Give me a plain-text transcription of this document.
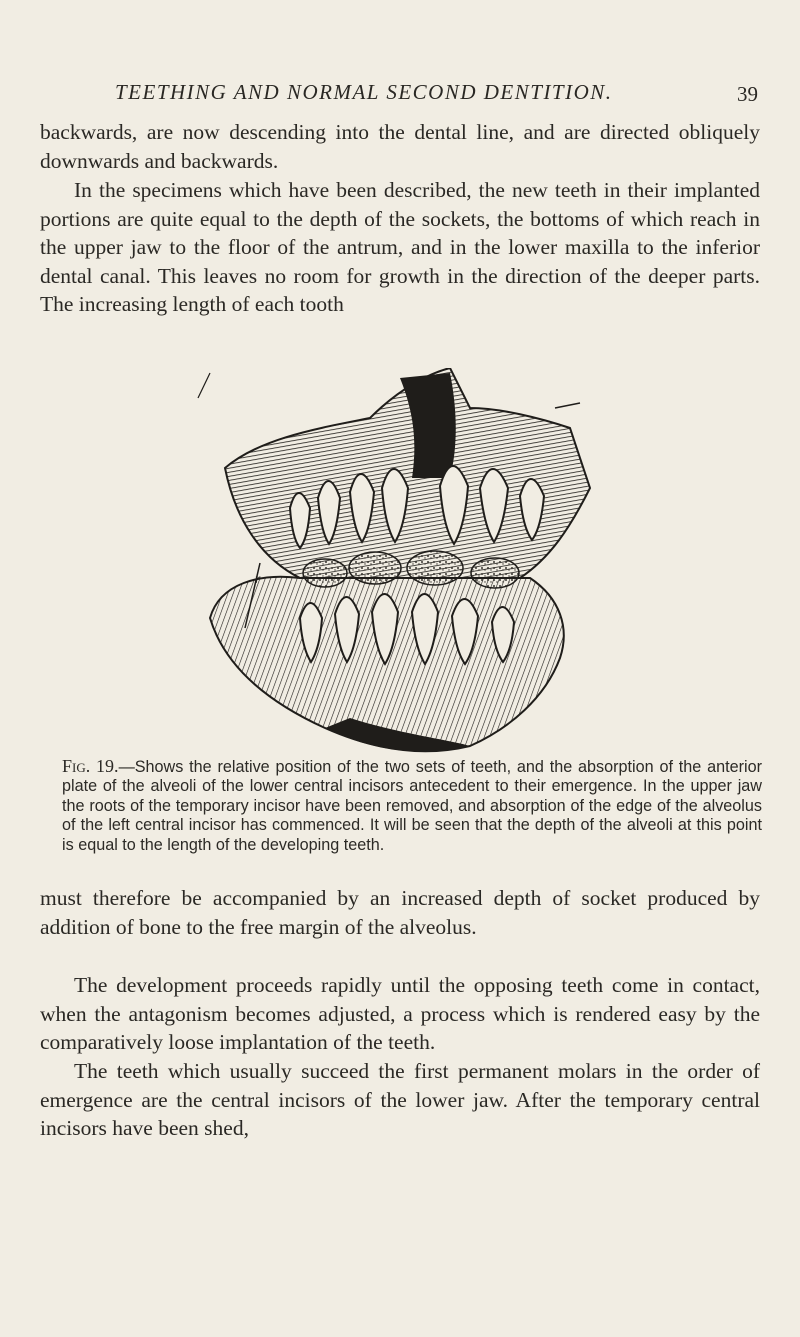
TEETHING AND NORMAL SECOND DENTITION.	39

backwards, are now descending into the dental line, and are directed obliquely downwards and backwards.

In the specimens which have been described, the new teeth in their implanted portions are quite equal to the depth of the sockets, the bottoms of which reach in the upper jaw to the floor of the antrum, and in the lower maxilla to the inferior dental canal. This leaves no room for growth in the direction of the deeper parts. The increasing length of each tooth

r

Fig. 19.—Shows the relative position of the two sets of teeth, and the absorption of the anterior plate of the alveoli of the lower central incisors antecedent to their emergence. In the upper jaw the roots of the temporary incisor have been removed, and absorption of the edge of the alveolus of the left central incisor has commenced. It will be seen that the depth of the alveoli at this point is equal to the length of the developing teeth.

must therefore be accompanied by an increased depth of socket produced by addition of bone to the free margin of the alveolus.

The development proceeds rapidly until the opposing teeth come in contact, when the antagonism becomes adjusted, a process which is rendered easy by the comparatively loose implantation of the teeth.

The teeth which usually succeed the first permanent molars in the order of emergence are the central incisors of the lower jaw. After the temporary central incisors have been shed,
